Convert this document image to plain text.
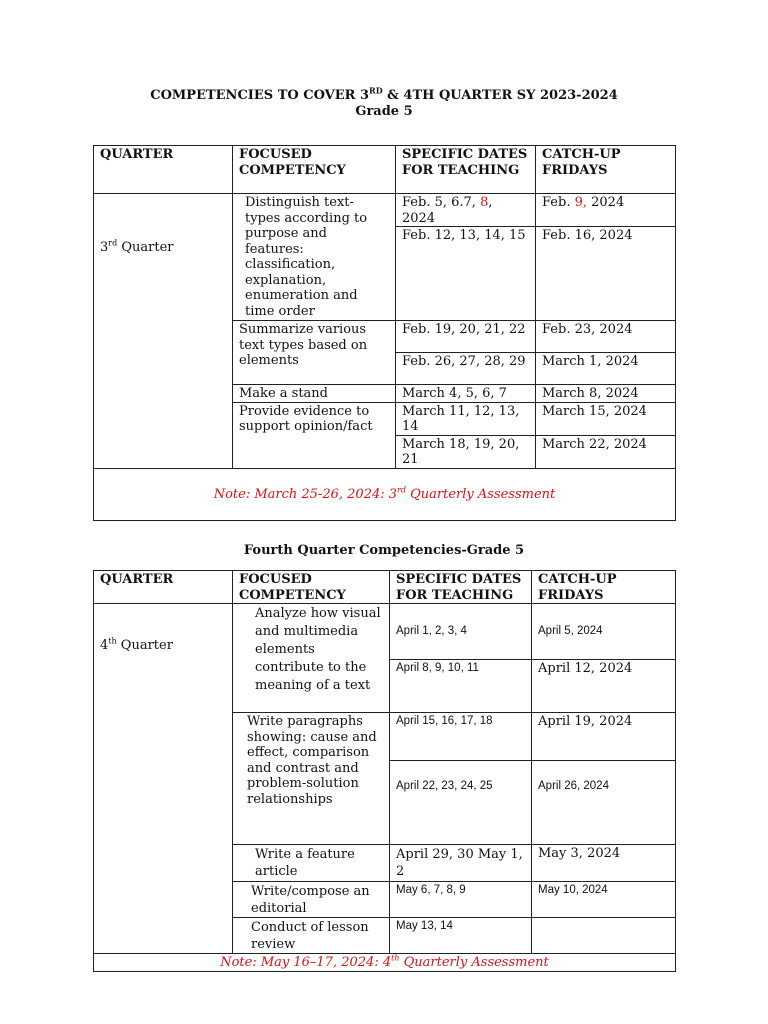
COMPETENCIES TO COVER 3RD & 4TH QUARTER SY 2023-2024
Grade 5
QUARTER	FOCUSED COMPETENCY	SPECIFIC DATES FOR TEACHING	CATCH-UP FRIDAYS
3rd Quarter	Distinguish text-types according to purpose and features: classification, explanation, enumeration and time order	Feb. 5, 6.7, 8, 2024	Feb. 9, 2024
		Feb. 12, 13, 14, 15	Feb. 16, 2024
	Summarize various text types based on elements	Feb. 19, 20, 21, 22	Feb. 23, 2024
		Feb. 26, 27, 28, 29	March 1, 2024
	Make a stand	March 4, 5, 6, 7	March 8, 2024
	Provide evidence to support opinion/fact	March 11, 12, 13, 14	March 15, 2024
		March 18, 19, 20, 21	March 22, 2024
Note: March 25-26, 2024: 3rd Quarterly Assessment			
Fourth Quarter Competencies-Grade 5
QUARTER	FOCUSED COMPETENCY	SPECIFIC DATES FOR TEACHING	CATCH-UP FRIDAYS
4th Quarter	Analyze how visual and multimedia elements contribute to the meaning of a text	April 1, 2, 3, 4	April 5, 2024
		April 8, 9, 10, 11	April 12, 2024
	Write paragraphs showing: cause and effect, comparison and contrast and problem-solution relationships	April 15, 16, 17, 18	April 19, 2024
		April 22, 23, 24, 25	April 26, 2024
	Write a feature article	April 29, 30 May 1, 2	May 3, 2024
	Write/compose an editorial	May 6, 7, 8, 9	May 10, 2024
	Conduct of lesson review	May 13, 14	
Note: May 16–17, 2024: 4th Quarterly Assessment			
